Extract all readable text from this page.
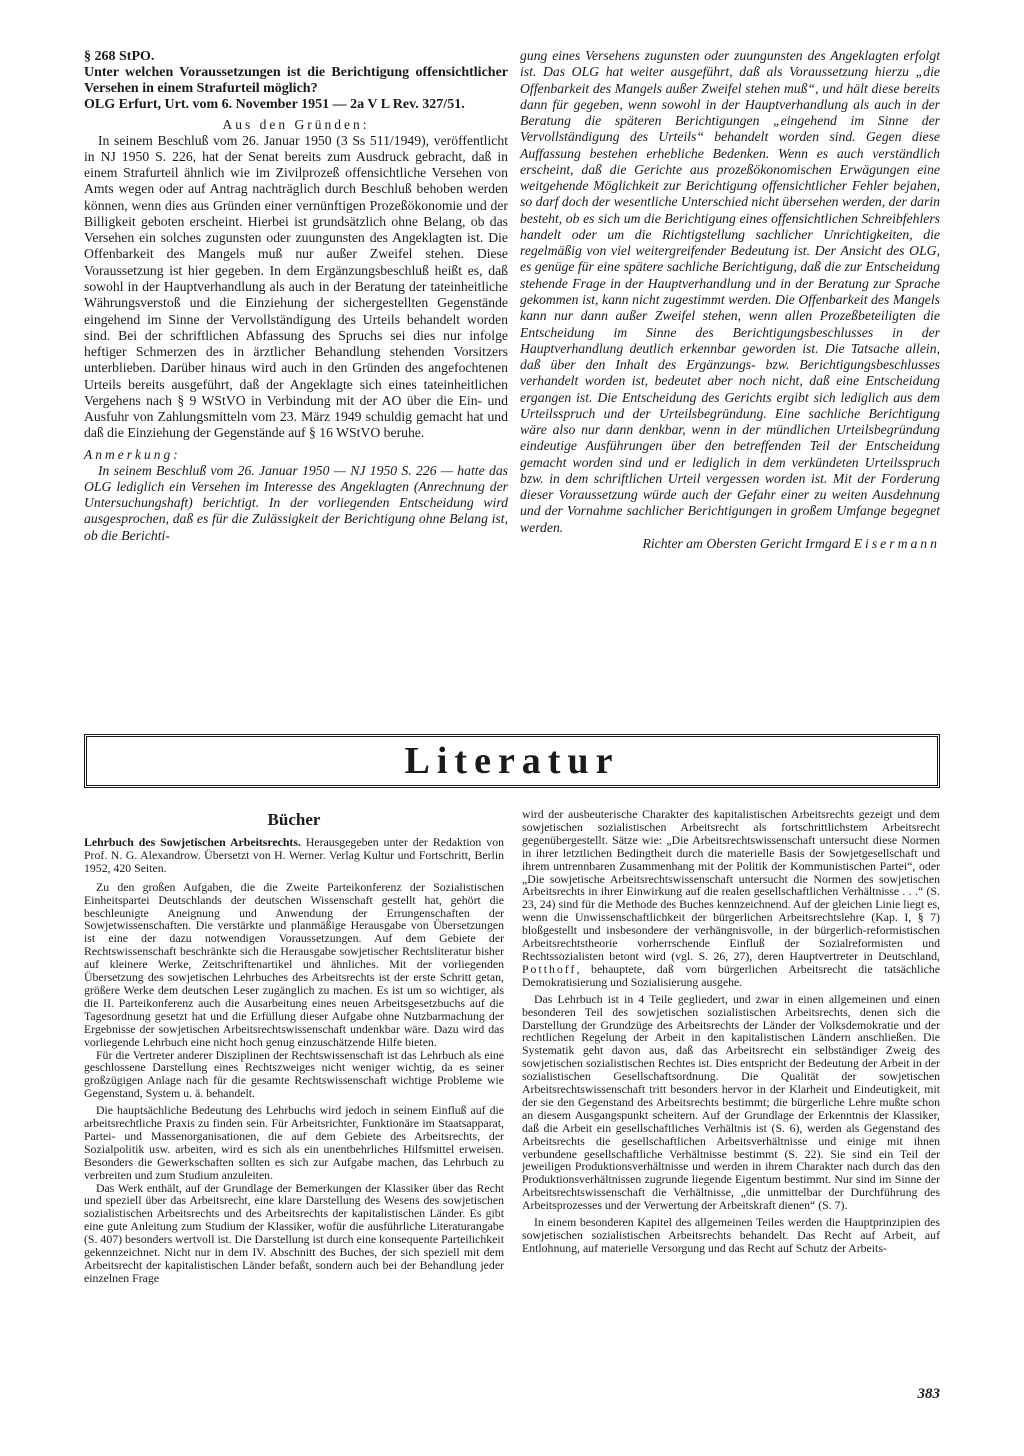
§ 268 StPO.

Unter welchen Voraussetzungen ist die Berichtigung offensichtlicher Versehen in einem Strafurteil möglich?

OLG Erfurt, Urt. vom 6. November 1951 — 2a V L Rev. 327/51.

Aus den Gründen:

In seinem Beschluß vom 26. Januar 1950 (3 Ss 511/1949), veröffentlicht in NJ 1950 S. 226, hat der Senat bereits zum Ausdruck gebracht, daß in einem Strafurteil ähnlich wie im Zivilprozeß offensichtliche Versehen von Amts wegen oder auf Antrag nachträglich durch Beschluß behoben werden können, wenn dies aus Gründen einer vernünftigen Prozeßökonomie und der Billigkeit geboten erscheint. Hierbei ist grundsätzlich ohne Belang, ob das Versehen ein solches zugunsten oder zuungunsten des Angeklagten ist. Die Offenbarkeit des Mangels muß nur außer Zweifel stehen. Diese Voraussetzung ist hier gegeben. In dem Ergänzungsbeschluß heißt es, daß sowohl in der Hauptverhandlung als auch in der Beratung der tateinheitliche Währungsverstoß und die Einziehung der sichergestellten Gegenstände eingehend im Sinne der Vervollständigung des Urteils behandelt worden sind. Bei der schriftlichen Abfassung des Spruchs sei dies nur infolge heftiger Schmerzen des in ärztlicher Behandlung stehenden Vorsitzers unterblieben. Darüber hinaus wird auch in den Gründen des angefochtenen Urteils bereits ausgeführt, daß der Angeklagte sich eines tateinheitlichen Vergehens nach § 9 WStVO in Verbindung mit der AO über die Ein- und Ausfuhr von Zahlungsmitteln vom 23. März 1949 schuldig gemacht hat und daß die Einziehung der Gegenstände auf § 16 WStVO beruhe.

Anmerkung:

In seinem Beschluß vom 26. Januar 1950 — NJ 1950 S. 226 — hatte das OLG lediglich ein Versehen im Interesse des Angeklagten (Anrechnung der Untersuchungshaft) berichtigt. In der vorliegenden Entscheidung wird ausgesprochen, daß es für die Zulässigkeit der Berichtigung ohne Belang ist, ob die Berichti-

gung eines Versehens zugunsten oder zuungunsten des Angeklagten erfolgt ist. Das OLG hat weiter ausgeführt, daß als Voraussetzung hierzu „die Offenbarkeit des Mangels außer Zweifel stehen muß“, und hält diese bereits dann für gegeben, wenn sowohl in der Hauptverhandlung als auch in der Beratung die späteren Berichtigungen „eingehend im Sinne der Vervollständigung des Urteils“ behandelt worden sind. Gegen diese Auffassung bestehen erhebliche Bedenken. Wenn es auch verständlich erscheint, daß die Gerichte aus prozeßökonomischen Erwägungen eine weitgehende Möglichkeit zur Berichtigung offensichtlicher Fehler bejahen, so darf doch der wesentliche Unterschied nicht übersehen werden, der darin besteht, ob es sich um die Berichtigung eines offensichtlichen Schreibfehlers handelt oder um die Richtigstellung sachlicher Unrichtigkeiten, die regelmäßig von viel weitergreifender Bedeutung ist. Der Ansicht des OLG, es genüge für eine spätere sachliche Berichtigung, daß die zur Entscheidung stehende Frage in der Hauptverhandlung und in der Beratung zur Sprache gekommen ist, kann nicht zugestimmt werden. Die Offenbarkeit des Mangels kann nur dann außer Zweifel stehen, wenn allen Prozeßbeteiligten die Entscheidung im Sinne des Berichtigungsbeschlusses in der Hauptverhandlung deutlich erkennbar geworden ist. Die Tatsache allein, daß über den Inhalt des Ergänzungs- bzw. Berichtigungsbeschlusses verhandelt worden ist, bedeutet aber noch nicht, daß eine Entscheidung ergangen ist. Die Entscheidung des Gerichts ergibt sich lediglich aus dem Urteilsspruch und der Urteilsbegründung. Eine sachliche Berichtigung wäre also nur dann denkbar, wenn in der mündlichen Urteilsbegründung eindeutige Ausführungen über den betreffenden Teil der Entscheidung gemacht worden sind und er lediglich in dem verkündeten Urteilsspruch bzw. in dem schriftlichen Urteil vergessen worden ist. Mit der Forderung dieser Voraussetzung würde auch der Gefahr einer zu weiten Ausdehnung und der Vornahme sachlicher Berichtigungen in großem Umfange begegnet werden.

Richter am Obersten Gericht Irmgard Eisermann

Literatur
Bücher

Lehrbuch des Sowjetischen Arbeitsrechts. Herausgegeben unter der Redaktion von Prof. N. G. Alexandrow. Übersetzt von H. Werner. Verlag Kultur und Fortschritt, Berlin 1952, 420 Seiten.

Zu den großen Aufgaben, die die Zweite Parteikonferenz der Sozialistischen Einheitspartei Deutschlands der deutschen Wissenschaft gestellt hat, gehört die beschleunigte Aneignung und Anwendung der Errungenschaften der Sowjetwissenschaften. Die verstärkte und planmäßige Herausgabe von Übersetzungen ist eine der dazu notwendigen Voraussetzungen. Auf dem Gebiete der Rechtswissenschaft beschränkte sich die Herausgabe sowjetischer Rechtsliteratur bisher auf kleinere Werke, Zeitschriftenartikel und ähnliches. Mit der vorliegenden Übersetzung des sowjetischen Lehrbuches des Arbeitsrechts ist der erste Schritt getan, größere Werke dem deutschen Leser zugänglich zu machen. Es ist um so wichtiger, als die II. Parteikonferenz auch die Ausarbeitung eines neuen Arbeitsgesetzbuchs auf die Tagesordnung gesetzt hat und die Erfüllung dieser Aufgabe ohne Nutzbarmachung der Ergebnisse der sowjetischen Arbeitsrechtswissenschaft undenkbar wäre. Dazu wird das vorliegende Lehrbuch eine nicht hoch genug einzuschätzende Hilfe bieten.

Für die Vertreter anderer Disziplinen der Rechtswissenschaft ist das Lehrbuch als eine geschlossene Darstellung eines Rechtszweiges nicht weniger wichtig, da es seiner großzügigen Anlage nach für die gesamte Rechtswissenschaft wichtige Probleme wie Gegenstand, System u. ä. behandelt.

Die hauptsächliche Bedeutung des Lehrbuchs wird jedoch in seinem Einfluß auf die arbeitsrechtliche Praxis zu finden sein. Für Arbeitsrichter, Funktionäre im Staatsapparat, Partei- und Massenorganisationen, die auf dem Gebiete des Arbeitsrechts, der Sozialpolitik usw. arbeiten, wird es sich als ein unentbehrliches Hilfsmittel erweisen. Besonders die Gewerkschaften sollten es sich zur Aufgabe machen, das Lehrbuch zu verbreiten und zum Studium anzuleiten.

Das Werk enthält, auf der Grundlage der Bemerkungen der Klassiker über das Recht und speziell über das Arbeitsrecht, eine klare Darstellung des Wesens des sowjetischen sozialistischen Arbeitsrechts und des Arbeitsrechts der kapitalistischen Länder. Es gibt eine gute Anleitung zum Studium der Klassiker, wofür die ausführliche Literaturangabe (S. 407) besonders wertvoll ist. Die Darstellung ist durch eine konsequente Parteilichkeit gekennzeichnet. Nicht nur in dem IV. Abschnitt des Buches, der sich speziell mit dem Arbeitsrecht der kapitalistischen Länder befaßt, sondern auch bei der Behandlung jeder einzelnen Frage

wird der ausbeuterische Charakter des kapitalistischen Arbeitsrechts gezeigt und dem sowjetischen sozialistischen Arbeitsrecht als fortschrittlichstem Arbeitsrecht gegenübergestellt. Sätze wie: „Die Arbeitsrechtswissenschaft untersucht diese Normen in ihrer letztlichen Bedingtheit durch die materielle Basis der Sowjetgesellschaft und ihrem untrennbaren Zusammenhang mit der Politik der Kommunistischen Partei“, oder „Die sowjetische Arbeitsrechtswissenschaft untersucht die Normen des sowjetischen Arbeitsrechts in ihrer Einwirkung auf die realen gesellschaftlichen Verhältnisse . . .“ (S. 23, 24) sind für die Methode des Buches kennzeichnend. Auf der gleichen Linie liegt es, wenn die Unwissenschaftlichkeit der bürgerlichen Arbeitsrechtslehre (Kap. I, § 7) bloßgestellt und insbesondere der verhängnisvolle, in der bürgerlich-reformistischen Arbeitsrechtstheorie vorherrschende Einfluß der Sozialreformisten und Rechtssozialisten betont wird (vgl. S. 26, 27), deren Hauptvertreter in Deutschland, Potthoff, behauptete, daß vom bürgerlichen Arbeitsrecht die tatsächliche Demokratisierung und Sozialisierung ausgehe.

Das Lehrbuch ist in 4 Teile gegliedert, und zwar in einen allgemeinen und einen besonderen Teil des sowjetischen sozialistischen Arbeitsrechts, denen sich die Darstellung der Grundzüge des Arbeitsrechts der Länder der Volksdemokratie und der rechtlichen Regelung der Arbeit in den kapitalistischen Ländern anschließen. Die Systematik geht davon aus, daß das Arbeitsrecht ein selbständiger Zweig des sowjetischen sozialistischen Rechtes ist. Dies entspricht der Bedeutung der Arbeit in der sozialistischen Gesellschaftsordnung. Die Qualität der sowjetischen Arbeitsrechtswissenschaft tritt besonders hervor in der Klarheit und Eindeutigkeit, mit der sie den Gegenstand des Arbeitsrechts bestimmt; die bürgerliche Lehre mußte schon an diesem Ausgangspunkt scheitern. Auf der Grundlage der Erkenntnis der Klassiker, daß die Arbeit ein gesellschaftliches Verhältnis ist (S. 6), werden als Gegenstand des Arbeitsrechts die gesellschaftlichen Arbeitsverhältnisse und einige mit ihnen verbundene gesellschaftliche Verhältnisse bestimmt (S. 22). Sie sind ein Teil der jeweiligen Produktionsverhältnisse und werden in ihrem Charakter nach durch das den Produktionsverhältnissen zugrunde liegende Eigentum bestimmt. Nur sind im Sinne der Arbeitsrechtswissenschaft die Verhältnisse, „die unmittelbar der Durchführung des Arbeitsprozesses und der Verwertung der Arbeitskraft dienen“ (S. 7).

In einem besonderen Kapitel des allgemeinen Teiles werden die Hauptprinzipien des sowjetischen sozialistischen Arbeitsrechts behandelt. Das Recht auf Arbeit, auf Entlohnung, auf materielle Versorgung und das Recht auf Schutz der Arbeits-

383
